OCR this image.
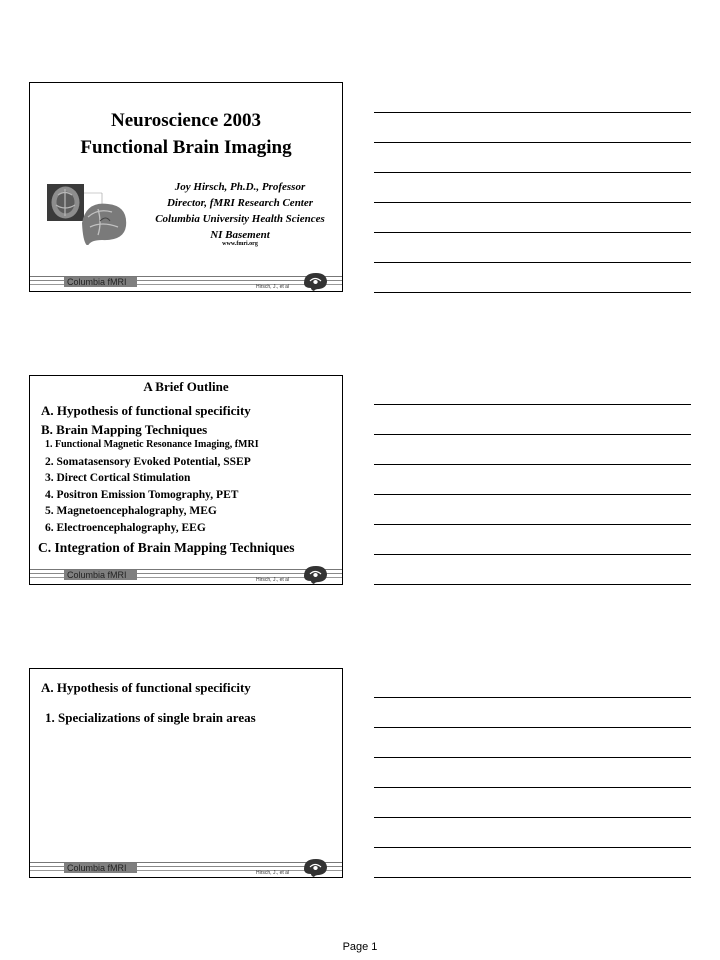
Neuroscience 2003
Functional Brain Imaging
Joy Hirsch, Ph.D., Professor
Director, fMRI Research Center
Columbia University Health Sciences
NI Basement
www.fmri.org
Columbia fMRI	Hirsch, J., et al
A Brief Outline
A. Hypothesis of functional specificity
B. Brain Mapping Techniques
1. Functional Magnetic Resonance Imaging, fMRI
2. Somatasensory Evoked Potential, SSEP
3. Direct Cortical Stimulation
4. Positron Emission Tomography, PET
5. Magnetoencephalography, MEG
6. Electroencephalography, EEG
C. Integration of Brain Mapping Techniques
Columbia fMRI	Hirsch, J., et al
A. Hypothesis of functional specificity
1. Specializations of single brain areas
Columbia fMRI	Hirsch, J., et al
Page 1
